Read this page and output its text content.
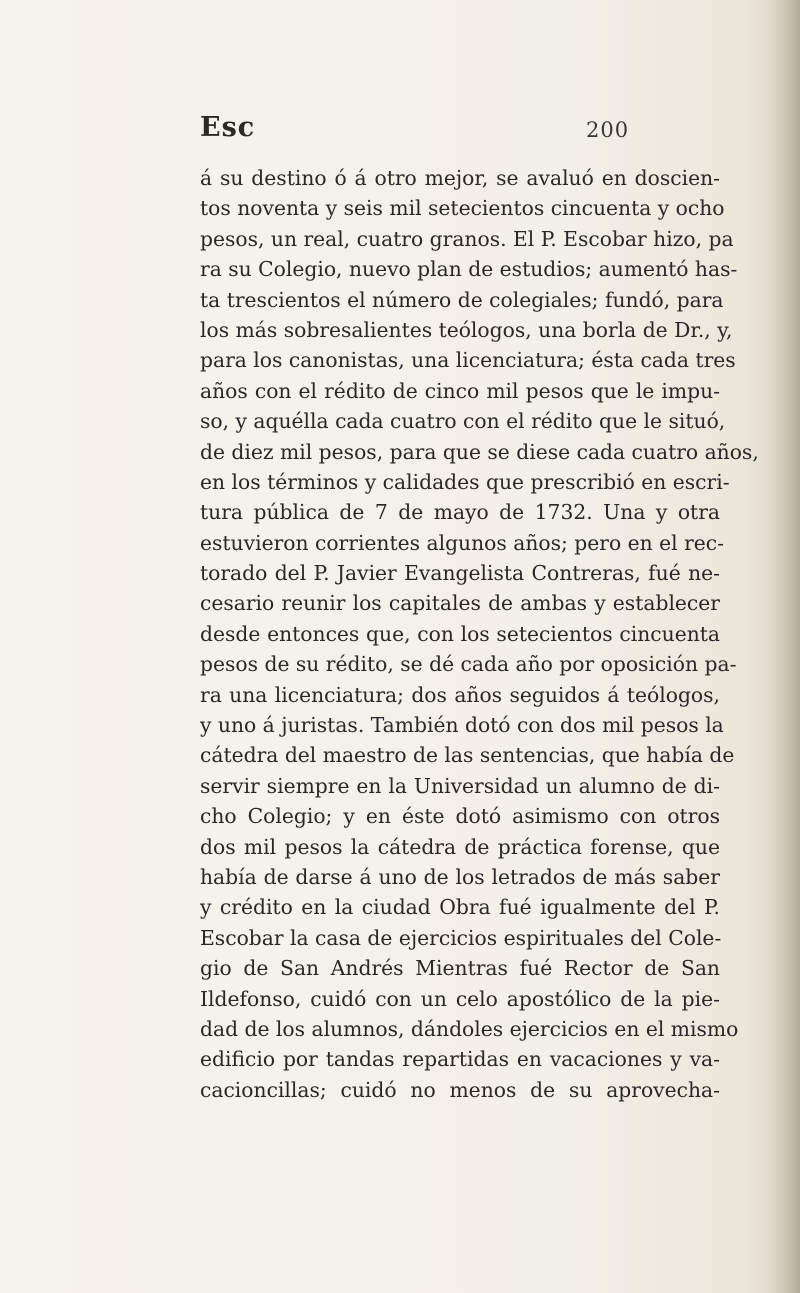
Esc	200
á su destino ó á otro mejor, se avaluó en doscien-
tos noventa y seis mil setecientos cincuenta y ocho
pesos, un real, cuatro granos. El P. Escobar hizo, pa
ra su Colegio, nuevo plan de estudios; aumentó has-
ta trescientos el número de colegiales; fundó, para
los más sobresalientes teólogos, una borla de Dr., y,
para los canonistas, una licenciatura; ésta cada tres
años con el rédito de cinco mil pesos que le impu-
so, y aquélla cada cuatro con el rédito que le situó,
de diez mil pesos, para que se diese cada cuatro años,
en los términos y calidades que prescribió en escri-
tura pública de 7 de mayo de 1732. Una y otra
estuvieron corrientes algunos años; pero en el rec-
torado del P. Javier Evangelista Contreras, fué ne-
cesario reunir los capitales de ambas y establecer
desde entonces que, con los setecientos cincuenta
pesos de su rédito, se dé cada año por oposición pa-
ra una licenciatura; dos años seguidos á teólogos,
y uno á juristas. También dotó con dos mil pesos la
cátedra del maestro de las sentencias, que había de
servir siempre en la Universidad un alumno de di-
cho Colegio; y en éste dotó asimismo con otros
dos mil pesos la cátedra de práctica forense, que
había de darse á uno de los letrados de más saber
y crédito en la ciudad Obra fué igualmente del P.
Escobar la casa de ejercicios espirituales del Cole-
gio de San Andrés Mientras fué Rector de San
Ildefonso, cuidó con un celo apostólico de la pie-
dad de los alumnos, dándoles ejercicios en el mismo
edificio por tandas repartidas en vacaciones y va-
cacioncillas; cuidó no menos de su aprovecha-
